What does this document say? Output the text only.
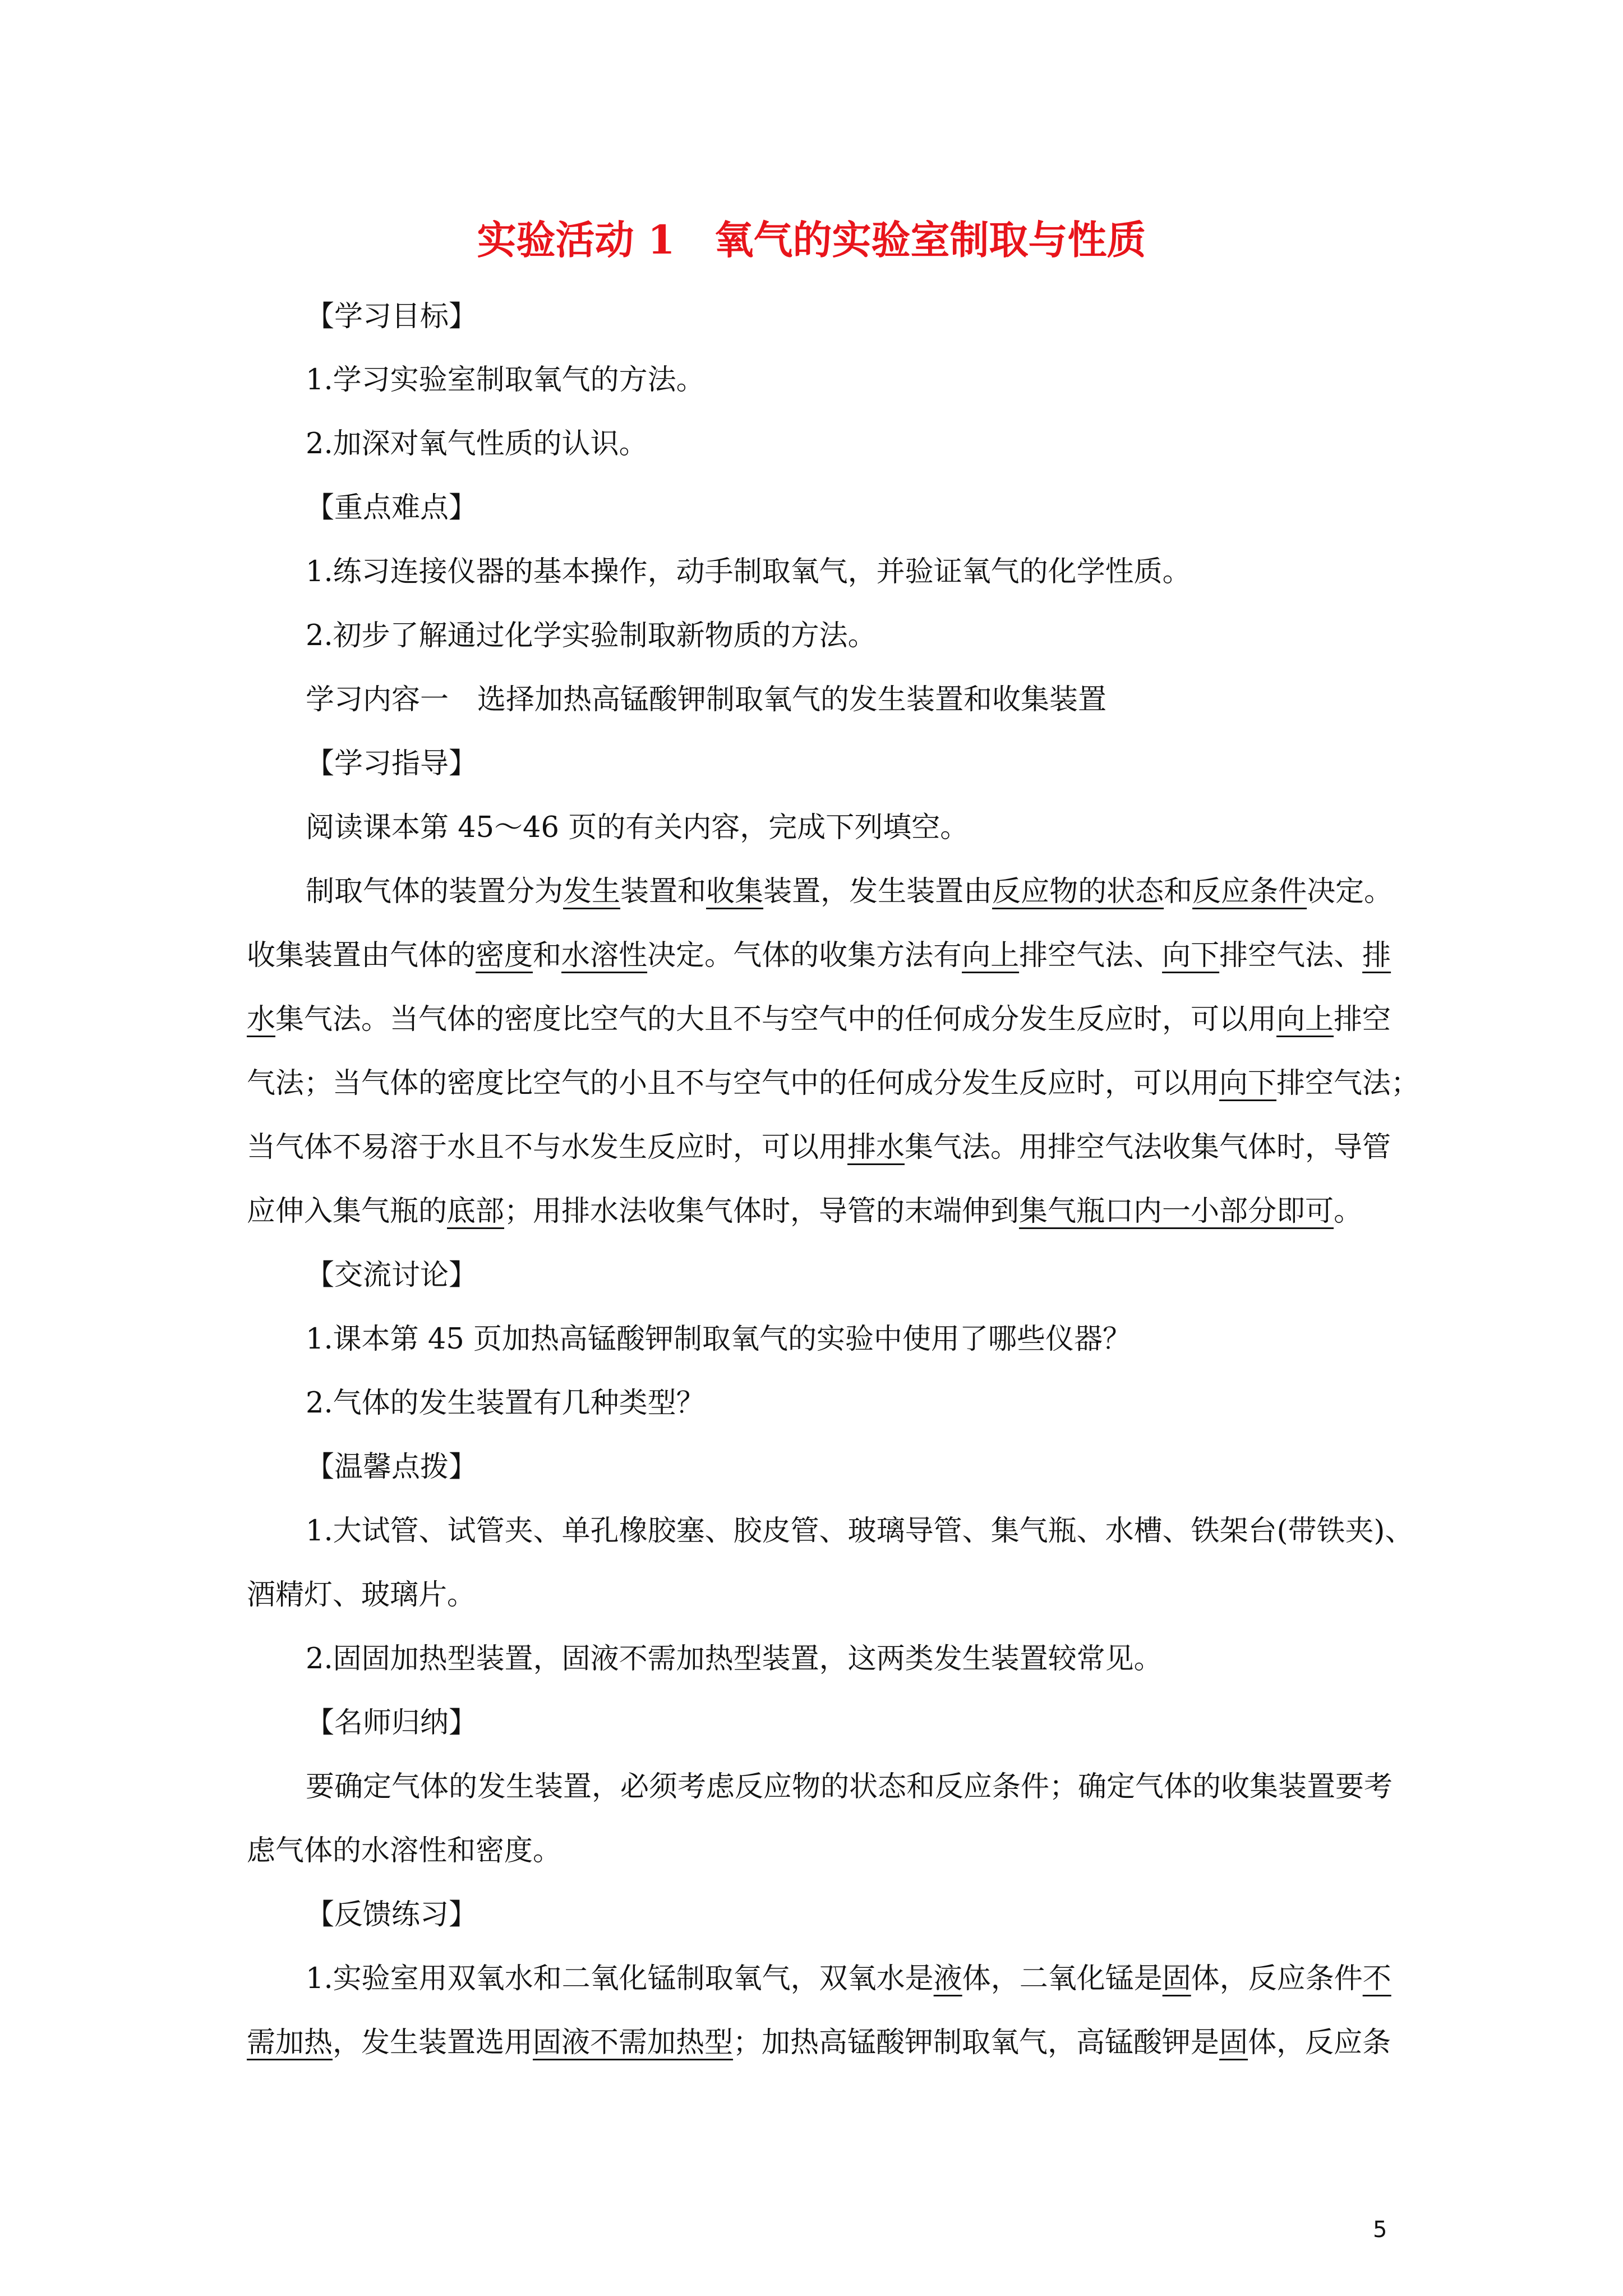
实验活动 1　氧气的实验室制取与性质
【学习目标】
1.学习实验室制取氧气的方法。
2.加深对氧气性质的认识。
【重点难点】
1.练习连接仪器的基本操作，动手制取氧气，并验证氧气的化学性质。
2.初步了解通过化学实验制取新物质的方法。
学习内容一　选择加热高锰酸钾制取氧气的发生装置和收集装置
【学习指导】
阅读课本第 45～46 页的有关内容，完成下列填空。
制取气体的装置分为发生装置和收集装置，发生装置由反应物的状态和反应条件决定。
收集装置由气体的密度和水溶性决定。气体的收集方法有向上排空气法、向下排空气法、排
水集气法。当气体的密度比空气的大且不与空气中的任何成分发生反应时，可以用向上排空
气法；当气体的密度比空气的小且不与空气中的任何成分发生反应时，可以用向下排空气法；
当气体不易溶于水且不与水发生反应时，可以用排水集气法。用排空气法收集气体时，导管
应伸入集气瓶的底部；用排水法收集气体时，导管的末端伸到集气瓶口内一小部分即可。
【交流讨论】
1.课本第 45 页加热高锰酸钾制取氧气的实验中使用了哪些仪器？
2.气体的发生装置有几种类型？
【温馨点拨】
1.大试管、试管夹、单孔橡胶塞、胶皮管、玻璃导管、集气瓶、水槽、铁架台(带铁夹)、
酒精灯、玻璃片。
2.固固加热型装置，固液不需加热型装置，这两类发生装置较常见。
【名师归纳】
要确定气体的发生装置，必须考虑反应物的状态和反应条件；确定气体的收集装置要考
虑气体的水溶性和密度。
【反馈练习】
1.实验室用双氧水和二氧化锰制取氧气，双氧水是液体，二氧化锰是固体，反应条件不
需加热，发生装置选用固液不需加热型；加热高锰酸钾制取氧气，高锰酸钾是固体，反应条
5
